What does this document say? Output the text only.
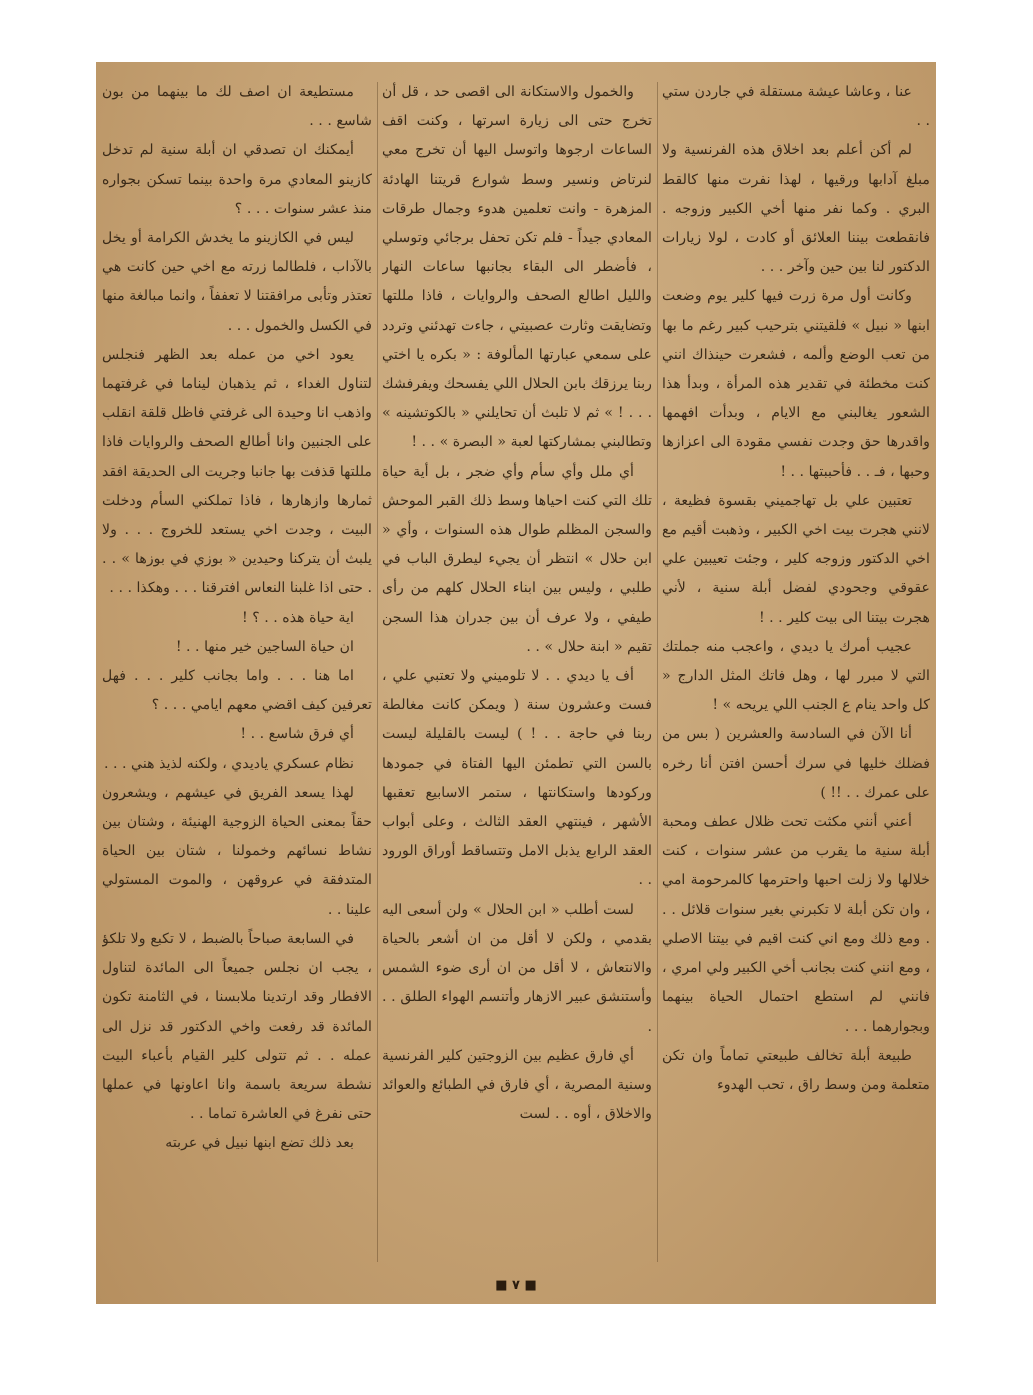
عنا ، وعاشا عيشة مستقلة في جاردن ستي . .

لم أكن أعلم بعد اخلاق هذه الفرنسية ولا مبلغ آدابها ورقيها ، لهذا نفرت منها كالقط البري . وكما نفر منها أخي الكبير وزوجه . فانقطعت بيننا العلائق أو كادت ، لولا زيارات الدكتور لنا بين حين وآخر . . .

وكانت أول مرة زرت فيها كلير يوم وضعت ابنها « نبيل » فلقيتني بترحيب كبير رغم ما بها من تعب الوضع وألمه ، فشعرت حينذاك انني كنت مخطئة في تقدير هذه المرأة ، وبدأ هذا الشعور يغالبني مع الايام ، وبدأت افهمها واقدرها حق وجدت نفسي مقودة الى اعزازها وحبها ، فـ . . فأحببتها . . !

تعتبين علي بل تهاجميني بقسوة فظيعة ، لانني هجرت بيت اخي الكبير ، وذهبت أقيم مع اخي الدكتور وزوجه كلير ، وجئت تعيبين علي عقوقي وجحودي لفضل أبلة سنية ، لأني هجرت بيتنا الى بيت كلير . . !

عجيب أمرك يا ديدي ، واعجب منه جملتك التي لا مبرر لها ، وهل فاتك المثل الدارج « كل واحد ينام ع الجنب اللي يريحه » !

أنا الآن في السادسة والعشرين ( بس من فضلك خليها في سرك أحسن افتن أنا رخره على عمرك . . !! )

أعني أنني مكثت تحت ظلال عطف ومحبة أبلة سنية ما يقرب من عشر سنوات ، كنت خلالها ولا زلت احبها واحترمها كالمرحومة امي ، وان تكن أبلة لا تكبرني بغير سنوات قلائل . . . ومع ذلك ومع اني كنت اقيم في بيتنا الاصلي ، ومع انني كنت بجانب أخي الكبير ولي امري ، فانني لم استطع احتمال الحياة بينهما وبجوارهما . . .

طبيعة أبلة تخالف طبيعتي تماماً وان تكن متعلمة ومن وسط راق ، تحب الهدوء

والخمول والاستكانة الى اقصى حد ، قل أن تخرج حتى الى زيارة اسرتها ، وكنت اقف الساعات ارجوها واتوسل اليها أن تخرج معي لنرتاض ونسير وسط شوارع قريتنا الهادئة المزهرة - وانت تعلمين هدوء وجمال طرقات المعادي جيداً - فلم تكن تحفل برجائي وتوسلي ، فأضطر الى البقاء بجانبها ساعات النهار والليل اطالع الصحف والروايات ، فاذا مللتها وتضايقت وثارت عصبيتي ، جاءت تهدئني وتردد على سمعي عبارتها المألوفة : « بكره يا اختي ربنا يرزقك بابن الحلال اللي يفسحك ويفرفشك . . . ! » ثم لا تلبث أن تحايلني « بالكوتشينه » وتطالبني بمشاركتها لعبة « البصرة » . . !

أي ملل وأي سأم وأي ضجر ، بل أية حياة تلك التي كنت احياها وسط ذلك القبر الموحش والسجن المظلم طوال هذه السنوات ، وأي « ابن حلال » انتظر أن يجيء ليطرق الباب في طلبي ، وليس بين ابناء الحلال كلهم من رأى طيفي ، ولا عرف أن بين جدران هذا السجن تقيم « ابنة حلال » . .

أف يا ديدي . . لا تلوميني ولا تعتبي علي ، فست وعشرون سنة ( ويمكن كانت مغالطة ربنا في حاجة . . ! ) ليست بالقليلة ليست بالسن التي تطمئن اليها الفتاة في جمودها وركودها واستكانتها ، ستمر الاسابيع تعقبها الأشهر ، فينتهي العقد الثالث ، وعلى أبواب العقد الرابع يذبل الامل وتتساقط أوراق الورود . .

لست أطلب « ابن الحلال » ولن أسعى اليه بقدمي ، ولكن لا أقل من ان أشعر بالحياة والانتعاش ، لا أقل من ان أرى ضوء الشمس وأستنشق عبير الازهار وأتنسم الهواء الطلق . . .

أي فارق عظيم بين الزوجتين كلير الفرنسية وسنية المصرية ، أي فارق في الطبائع والعوائد والاخلاق ، أوه . . لست

مستطيعة ان اصف لك ما بينهما من بون شاسع . . .

أيمكنك ان تصدقي ان أبلة سنية لم تدخل كازينو المعادي مرة واحدة بينما تسكن بجواره منذ عشر سنوات . . . ؟

ليس في الكازينو ما يخدش الكرامة أو يخل بالآداب ، فلطالما زرته مع اخي حين كانت هي تعتذر وتأبى مرافقتنا لا تعففاً ، وانما مبالغة منها في الكسل والخمول . . .

يعود اخي من عمله بعد الظهر فنجلس لتناول الغداء ، ثم يذهبان ليناما في غرفتهما واذهب انا وحيدة الى غرفتي فاظل قلقة انقلب على الجنبين وانا أطالع الصحف والروايات فاذا مللتها قذفت بها جانبا وجريت الى الحديقة افقد ثمارها وازهارها ، فاذا تملكني السأم ودخلت البيت ، وجدت اخي يستعد للخروج . . . ولا يلبث أن يتركنا وحيدين « بوزي في بوزها » . . . حتى اذا غلبنا النعاس افترقنا . . . وهكذا . . .

اية حياة هذه . . ؟ !

ان حياة الساجين خير منها . . !

اما هنا . . . واما بجانب كلير . . . فهل تعرفين كيف اقضي معهم ايامي . . . ؟

أي فرق شاسع . . !

نظام عسكري ياديدي ، ولكنه لذيذ هني . . .

لهذا يسعد الفريق في عيشهم ، ويشعرون حقاً بمعنى الحياة الزوجية الهنيئة ، وشتان بين نشاط نسائهم وخمولنا ، شتان بين الحياة المتدفقة في عروقهن ، والموت المستولي علينا . .

في السابعة صباحاً بالضبط ، لا تكبع ولا تلكؤ ، يجب ان نجلس جميعاً الى المائدة لتناول الافطار وقد ارتدينا ملابسنا ، في الثامنة تكون المائدة قد رفعت واخي الدكتور قد نزل الى عمله . . ثم تتولى كلير القيام بأعباء البيت نشطة سريعة باسمة وانا اعاونها في عملها حتى نفرغ في العاشرة تماما . .

بعد ذلك تضع ابنها نبيل في عربته

■ ٧ ■
